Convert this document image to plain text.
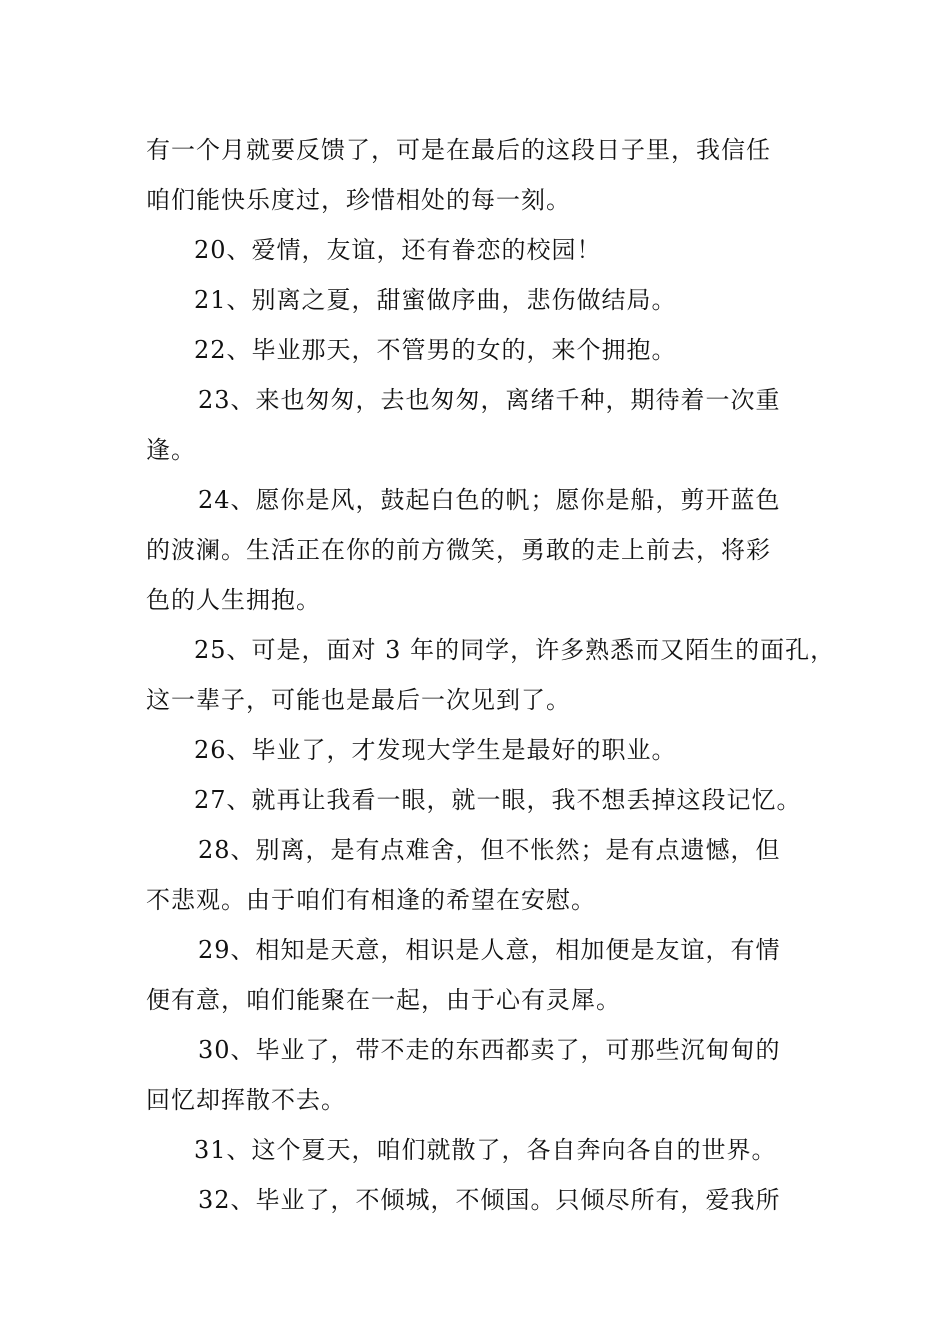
有一个月就要反馈了，可是在最后的这段日子里，我信任
咱们能快乐度过，珍惜相处的每一刻。
20、爱情，友谊，还有眷恋的校园！
21、别离之夏，甜蜜做序曲，悲伤做结局。
22、毕业那天，不管男的女的，来个拥抱。
23、来也匆匆，去也匆匆，离绪千种，期待着一次重
逢。
24、愿你是风，鼓起白色的帆；愿你是船，剪开蓝色
的波澜。生活正在你的前方微笑，勇敢的走上前去，将彩
色的人生拥抱。
25、可是，面对 3 年的同学，许多熟悉而又陌生的面孔，
这一辈子，可能也是最后一次见到了。
26、毕业了，才发现大学生是最好的职业。
27、就再让我看一眼，就一眼，我不想丢掉这段记忆。
28、别离，是有点难舍，但不怅然；是有点遗憾，但
不悲观。由于咱们有相逢的希望在安慰。
29、相知是天意，相识是人意，相加便是友谊，有情
便有意，咱们能聚在一起，由于心有灵犀。
30、毕业了，带不走的东西都卖了，可那些沉甸甸的
回忆却挥散不去。
31、这个夏天，咱们就散了，各自奔向各自的世界。
32、毕业了，不倾城，不倾国。只倾尽所有，爱我所
